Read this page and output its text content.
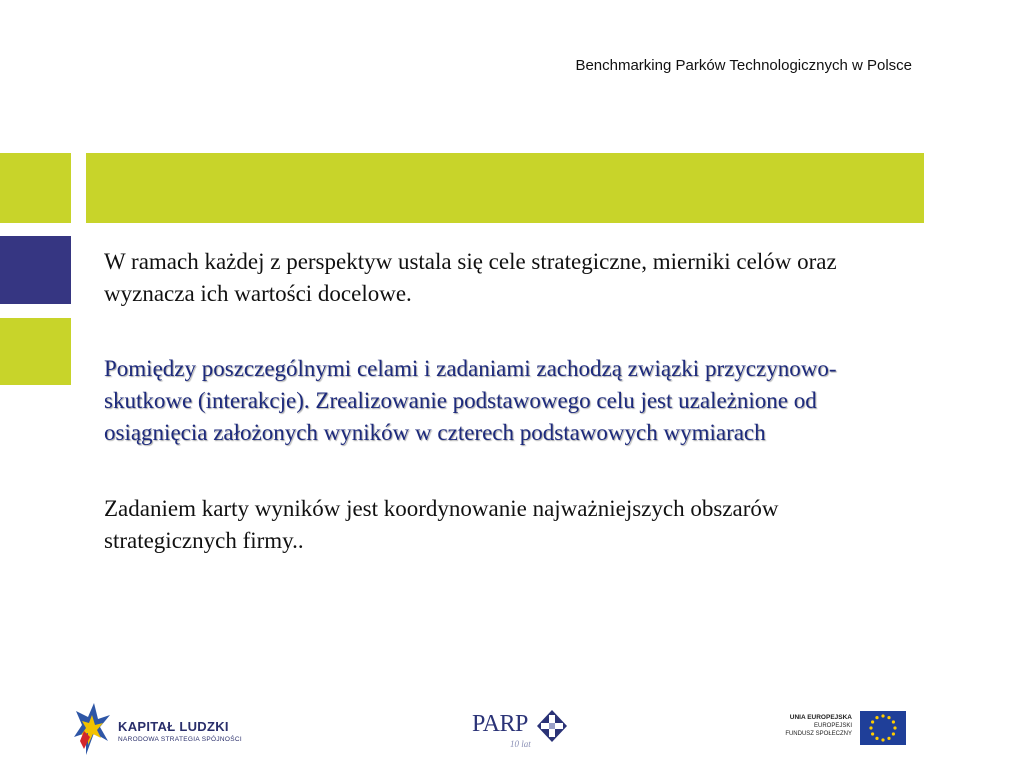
Benchmarking Parków Technologicznych w Polsce

W ramach każdej z perspektyw ustala się cele strategiczne, mierniki celów oraz wyznacza ich wartości docelowe.

Pomiędzy poszczególnymi celami i zadaniami zachodzą związki przyczynowo-skutkowe (interakcje). Zrealizowanie podstawowego celu jest uzależnione od osiągnięcia założonych wyników w czterech podstawowych wymiarach

Zadaniem karty wyników jest koordynowanie najważniejszych obszarów strategicznych firmy..

KAPITAŁ LUDZKI
NARODOWA STRATEGIA SPÓJNOŚCI
PARP
10 lat
UNIA EUROPEJSKA
EUROPEJSKI
FUNDUSZ SPOŁECZNY
